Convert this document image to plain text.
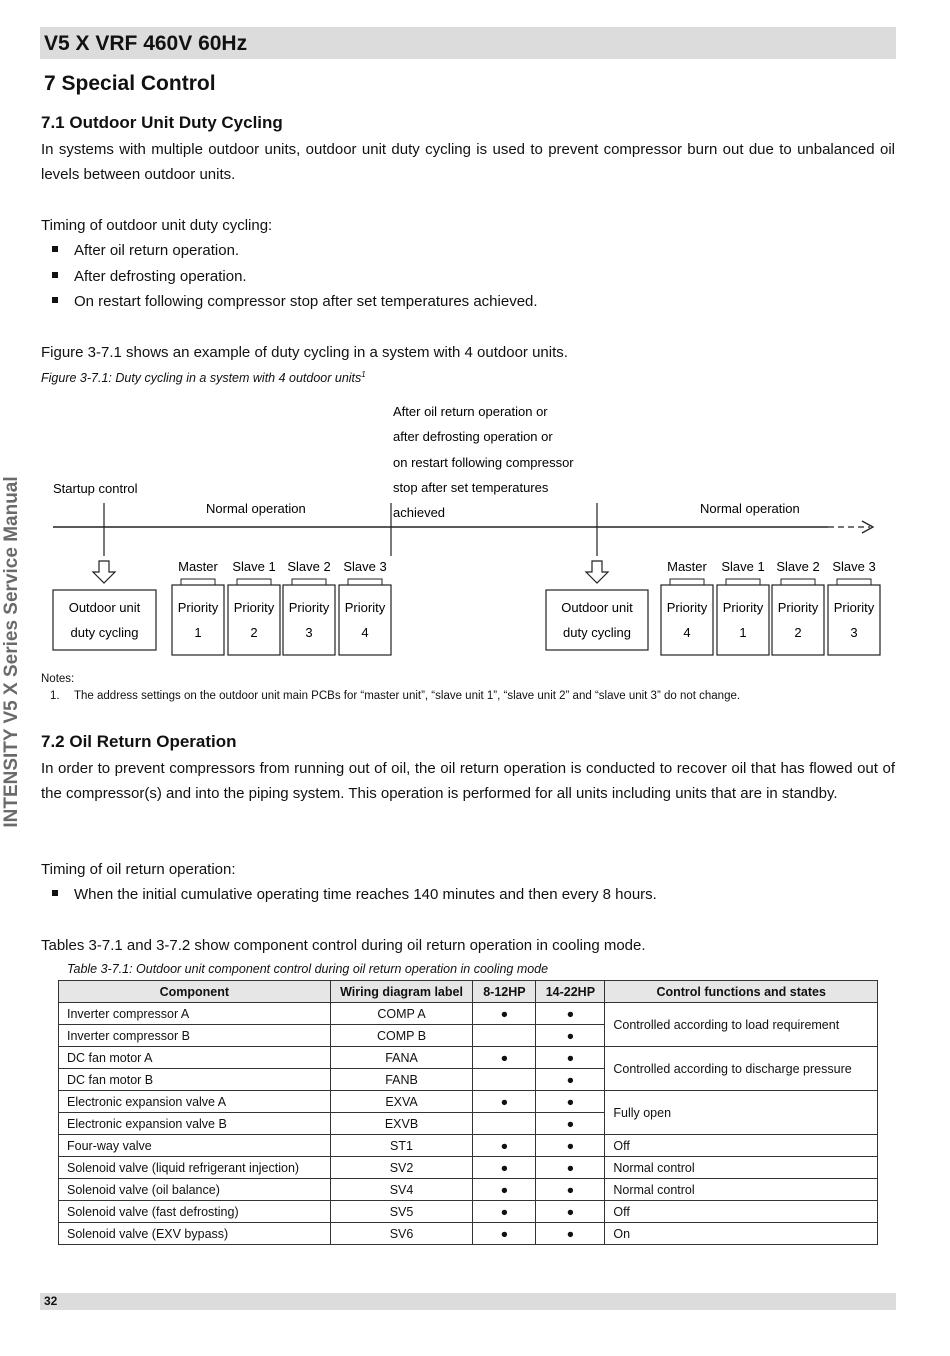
V5 X VRF 460V 60Hz
INTENSITY V5 X Series Service Manual
7 Special Control
7.1 Outdoor Unit Duty Cycling
In systems with multiple outdoor units, outdoor unit duty cycling is used to prevent compressor burn out due to unbalanced oil levels between outdoor units.
Timing of outdoor unit duty cycling:
After oil return operation.
After defrosting operation.
On restart following compressor stop after set temperatures achieved.
Figure 3-7.1 shows an example of duty cycling in a system with 4 outdoor units.
Figure 3-7.1: Duty cycling in a system with 4 outdoor units$^1$
After oil return operation or
after defrosting operation or
on restart following compressor
stop after set temperatures
achieved
Startup control
Normal operation	Normal operation
Outdoor unit
duty cycling
Outdoor unit
duty cycling
Master
Priority
1
Slave 1
Priority
2
Slave 2
Priority
3
Slave 3
Priority
4
Master
Priority
4
Slave 1
Priority
1
Slave 2
Priority
2
Slave 3
Priority
3
Notes:
1. The address settings on the outdoor unit main PCBs for “master unit”, “slave unit 1”, “slave unit 2” and “slave unit 3” do not change.
7.2 Oil Return Operation
In order to prevent compressors from running out of oil, the oil return operation is conducted to recover oil that has flowed out of the compressor(s) and into the piping system. This operation is performed for all units including units that are in standby.
Timing of oil return operation:
When the initial cumulative operating time reaches 140 minutes and then every 8 hours.
Tables 3-7.1 and 3-7.2 show component control during oil return operation in cooling mode.
Table 3-7.1: Outdoor unit component control during oil return operation in cooling mode
Component	Wiring diagram label	8-12HP	14-22HP	Control functions and states
Inverter compressor A	COMP A	●	●	Controlled according to load requirement
Inverter compressor B	COMP B		●	
DC fan motor A	FANA	●	●	Controlled according to discharge pressure
DC fan motor B	FANB		●	
Electronic expansion valve A	EXVA	●	●	Fully open
Electronic expansion valve B	EXVB		●	
Four-way valve	ST1	●	●	Off
Solenoid valve (liquid refrigerant injection)	SV2	●	●	Normal control
Solenoid valve (oil balance)	SV4	●	●	Normal control
Solenoid valve (fast defrosting)	SV5	●	●	Off
Solenoid valve (EXV bypass)	SV6	●	●	On
32
